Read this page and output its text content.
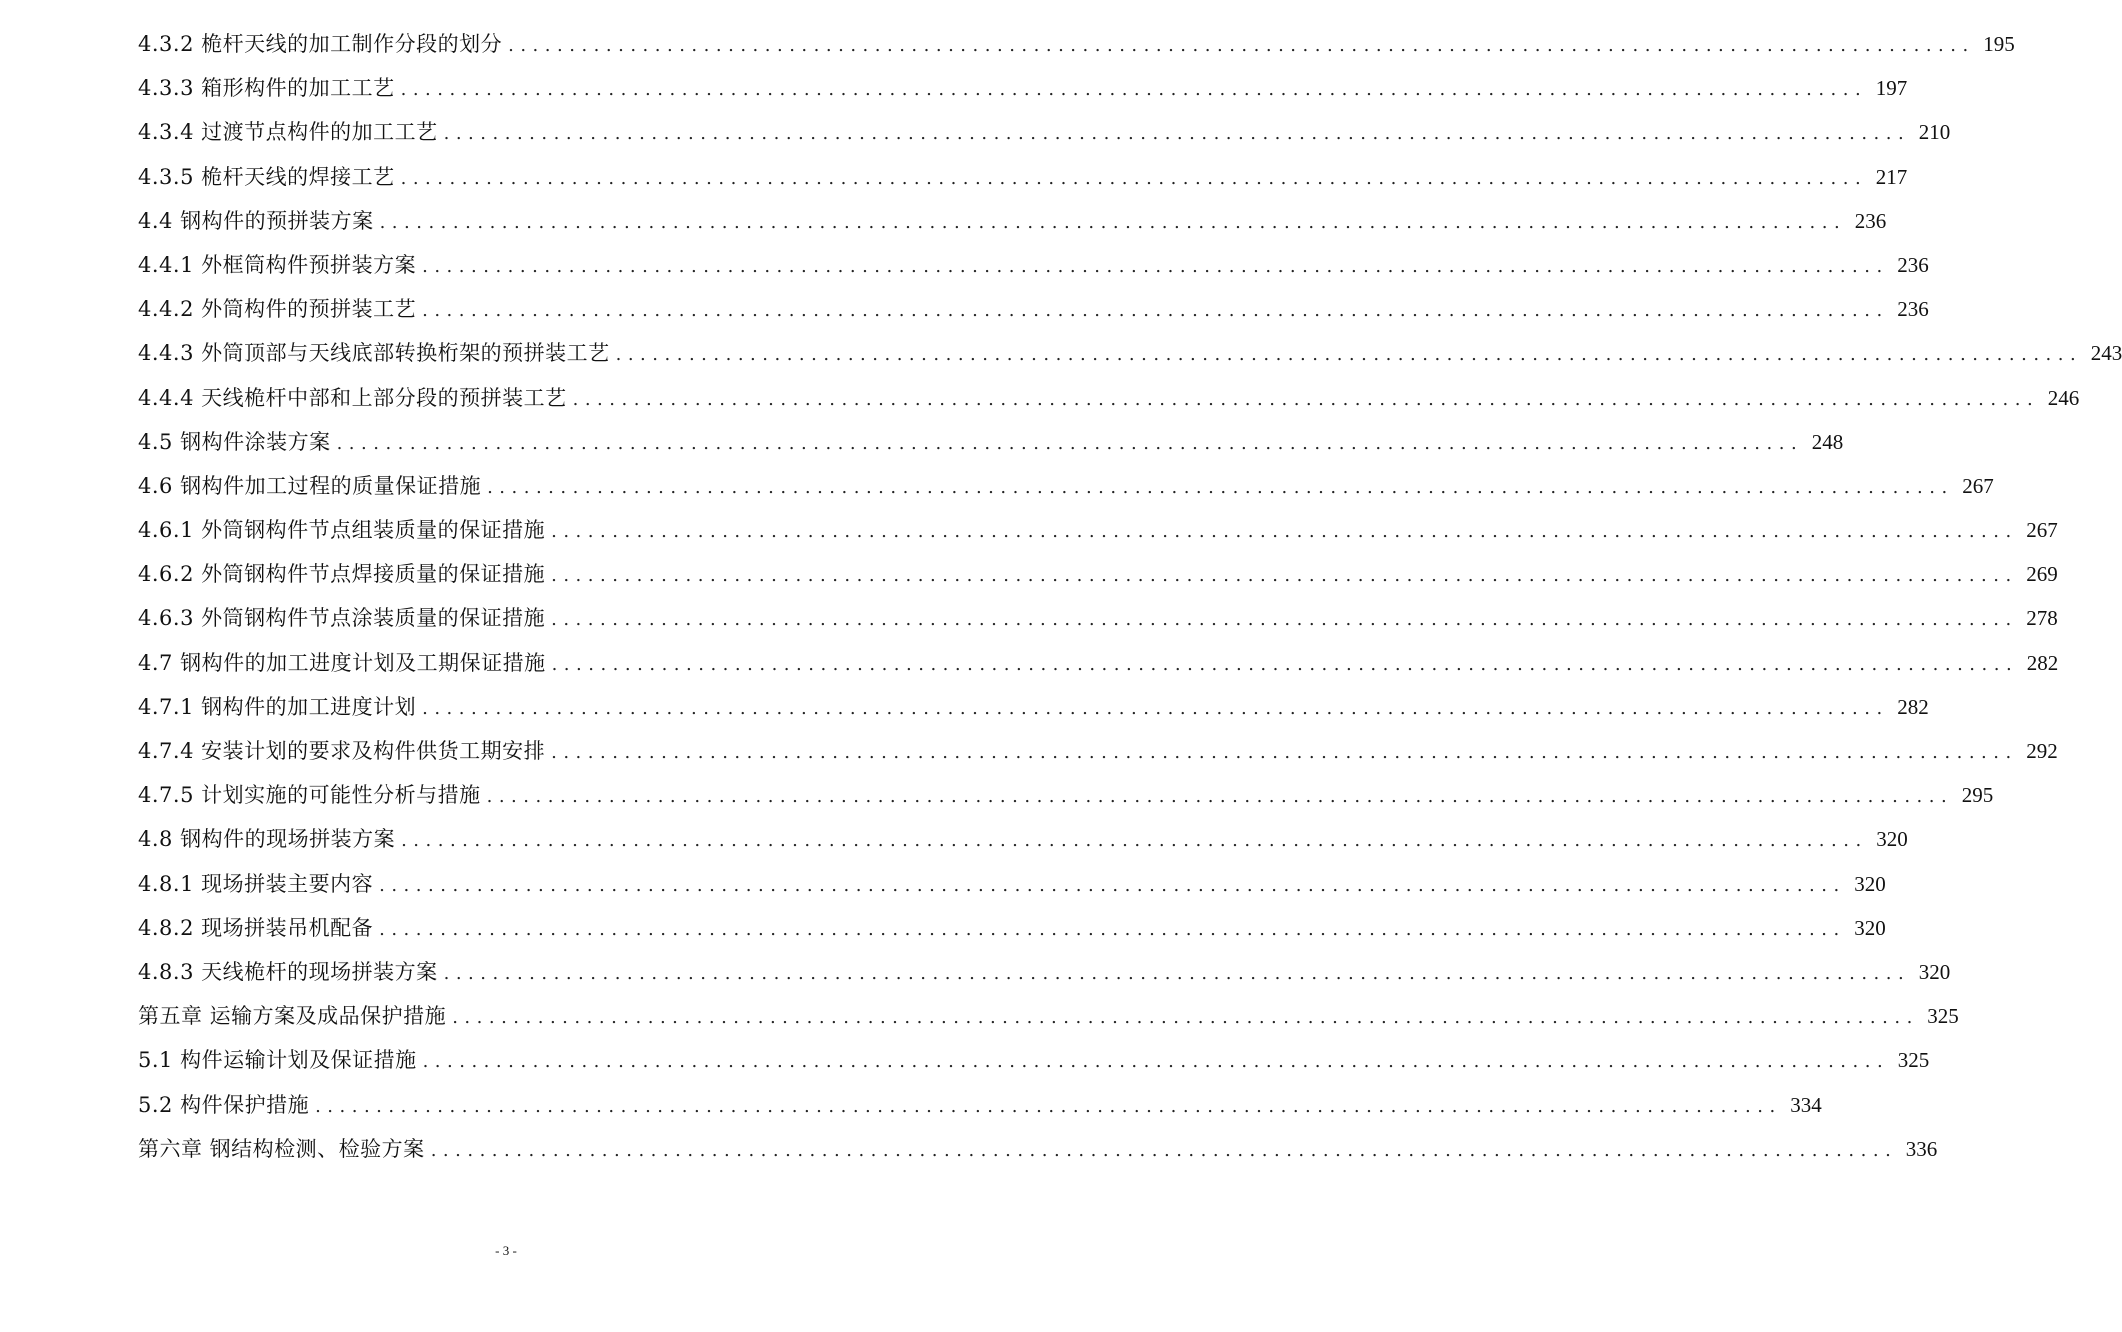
4.3.2 桅杆天线的加工制作分段的划分 ........................................................................................................................ 195
4.3.3 箱形构件的加工工艺 ........................................................................................................................ 197
4.3.4 过渡节点构件的加工工艺 ........................................................................................................................ 210
4.3.5 桅杆天线的焊接工艺 ........................................................................................................................ 217
4.4 钢构件的预拼装方案 ........................................................................................................................ 236
4.4.1 外框筒构件预拼装方案 ........................................................................................................................ 236
4.4.2 外筒构件的预拼装工艺 ........................................................................................................................ 236
4.4.3 外筒顶部与天线底部转换桁架的预拼装工艺 ........................................................................................................................ 243
4.4.4 天线桅杆中部和上部分段的预拼装工艺 ........................................................................................................................ 246
4.5 钢构件涂装方案 ........................................................................................................................ 248
4.6 钢构件加工过程的质量保证措施 ........................................................................................................................ 267
4.6.1 外筒钢构件节点组装质量的保证措施 ........................................................................................................................ 267
4.6.2 外筒钢构件节点焊接质量的保证措施 ........................................................................................................................ 269
4.6.3 外筒钢构件节点涂装质量的保证措施 ........................................................................................................................ 278
4.7 钢构件的加工进度计划及工期保证措施 ........................................................................................................................ 282
4.7.1 钢构件的加工进度计划 ........................................................................................................................ 282
4.7.4 安装计划的要求及构件供货工期安排 ........................................................................................................................ 292
4.7.5 计划实施的可能性分析与措施 ........................................................................................................................ 295
4.8 钢构件的现场拼装方案 ........................................................................................................................ 320
4.8.1 现场拼装主要内容 ........................................................................................................................ 320
4.8.2 现场拼装吊机配备 ........................................................................................................................ 320
4.8.3 天线桅杆的现场拼装方案 ........................................................................................................................ 320
第五章 运输方案及成品保护措施 ........................................................................................................................ 325
5.1 构件运输计划及保证措施 ........................................................................................................................ 325
5.2 构件保护措施 ........................................................................................................................ 334
第六章 钢结构检测、检验方案 ........................................................................................................................ 336
- 3 -
